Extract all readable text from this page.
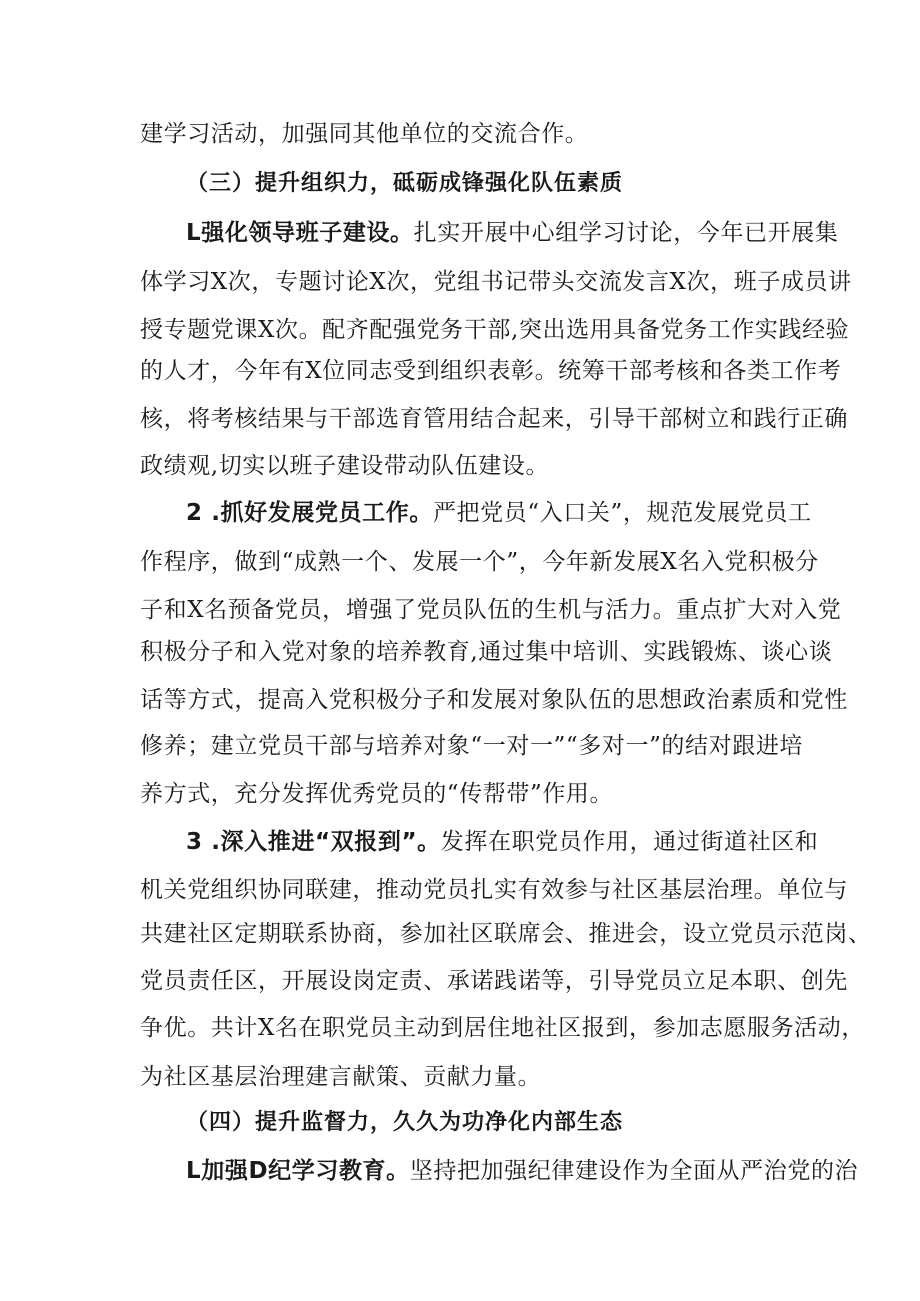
建学习活动，加强同其他单位的交流合作。
（三）提升组织力，砥砺成锋强化队伍素质
L强化领导班子建设。扎实开展中心组学习讨论，今年已开展集
体学习X次，专题讨论X次，党组书记带头交流发言X次，班子成员讲
授专题党课X次。配齐配强党务干部,突出选用具备党务工作实践经验
的人才，今年有X位同志受到组织表彰。统筹干部考核和各类工作考
核，将考核结果与干部选育管用结合起来，引导干部树立和践行正确
政绩观,切实以班子建设带动队伍建设。
2 .抓好发展党员工作。严把党员“入口关”，规范发展党员工
作程序，做到“成熟一个、发展一个”，今年新发展X名入党积极分
子和X名预备党员，增强了党员队伍的生机与活力。重点扩大对入党
积极分子和入党对象的培养教育,通过集中培训、实践锻炼、谈心谈
话等方式，提高入党积极分子和发展对象队伍的思想政治素质和党性
修养；建立党员干部与培养对象“一对一”“多对一”的结对跟进培
养方式，充分发挥优秀党员的“传帮带”作用。
3 .深入推进“双报到”。发挥在职党员作用，通过街道社区和
机关党组织协同联建，推动党员扎实有效参与社区基层治理。单位与
共建社区定期联系协商，参加社区联席会、推进会，设立党员示范岗、
党员责任区，开展设岗定责、承诺践诺等，引导党员立足本职、创先
争优。共计X名在职党员主动到居住地社区报到，参加志愿服务活动，
为社区基层治理建言献策、贡献力量。
（四）提升监督力，久久为功净化内部生态
L加强D纪学习教育。坚持把加强纪律建设作为全面从严治党的治
